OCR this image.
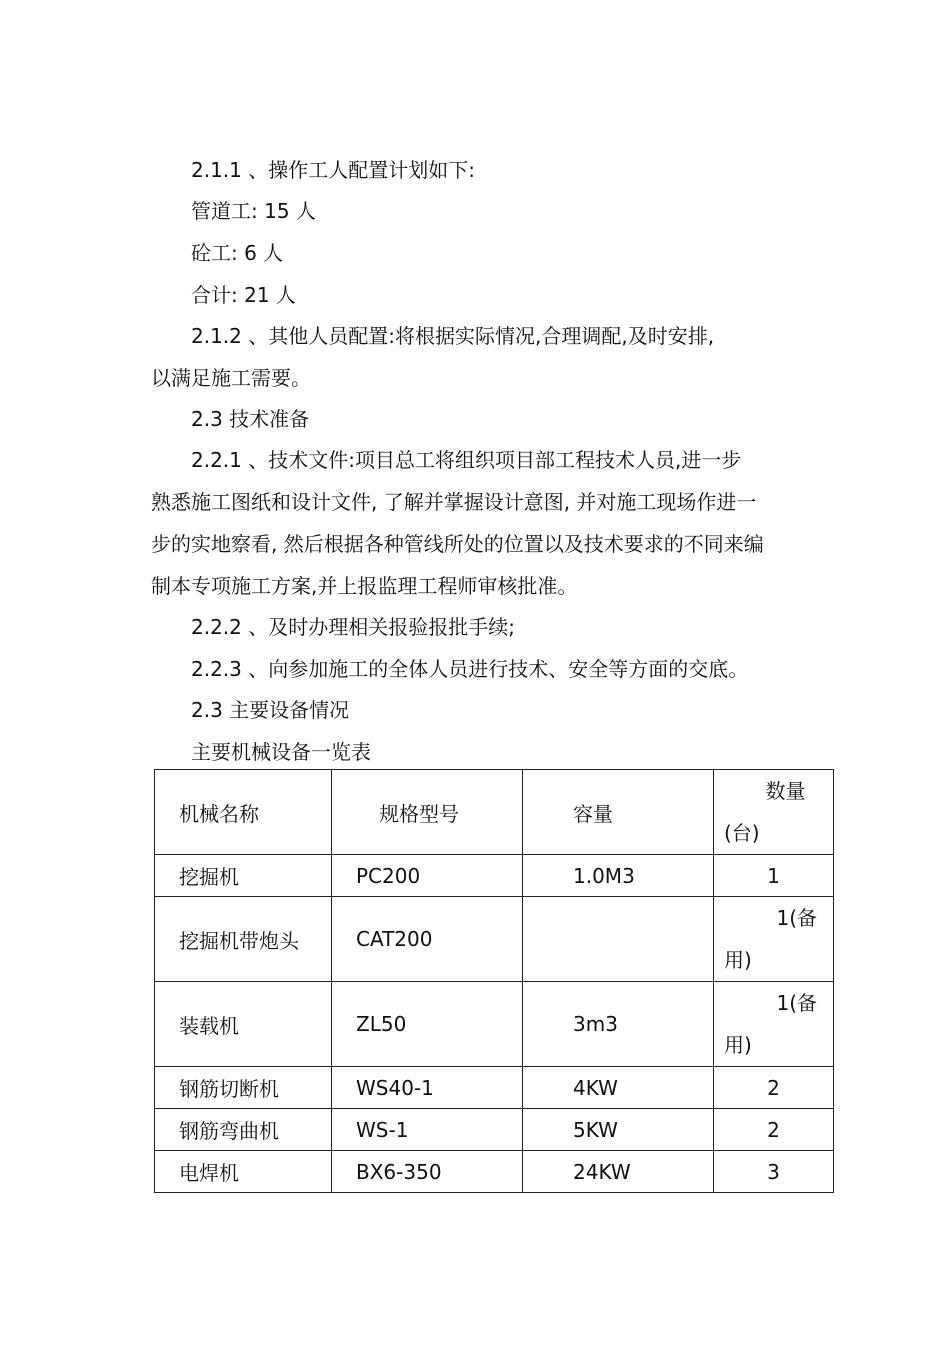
2.1.1 、操作工人配置计划如下:
管道工: 15 人
砼工: 6 人
合计: 21 人
2.1.2 、其他人员配置:将根据实际情况,合理调配,及时安排,
以满足施工需要。
2.3 技术准备
2.2.1 、技术文件:项目总工将组织项目部工程技术人员,进一步
熟悉施工图纸和设计文件, 了解并掌握设计意图, 并对施工现场作进一
步的实地察看, 然后根据各种管线所处的位置以及技术要求的不同来编
制本专项施工方案,并上报监理工程师审核批准。
2.2.2 、及时办理相关报验报批手续;
2.2.3 、向参加施工的全体人员进行技术、安全等方面的交底。
2.3 主要设备情况
主要机械设备一览表
机械名称	规格型号	容量	数量
(台)

挖掘机	PC200	1.0M3	1

挖掘机带炮头	CAT200		1(备
用)

装载机	ZL50	3m3	1(备
用)

钢筋切断机	WS40-1	4KW	2

钢筋弯曲机	WS-1	5KW	2

电焊机	BX6-350	24KW	3
